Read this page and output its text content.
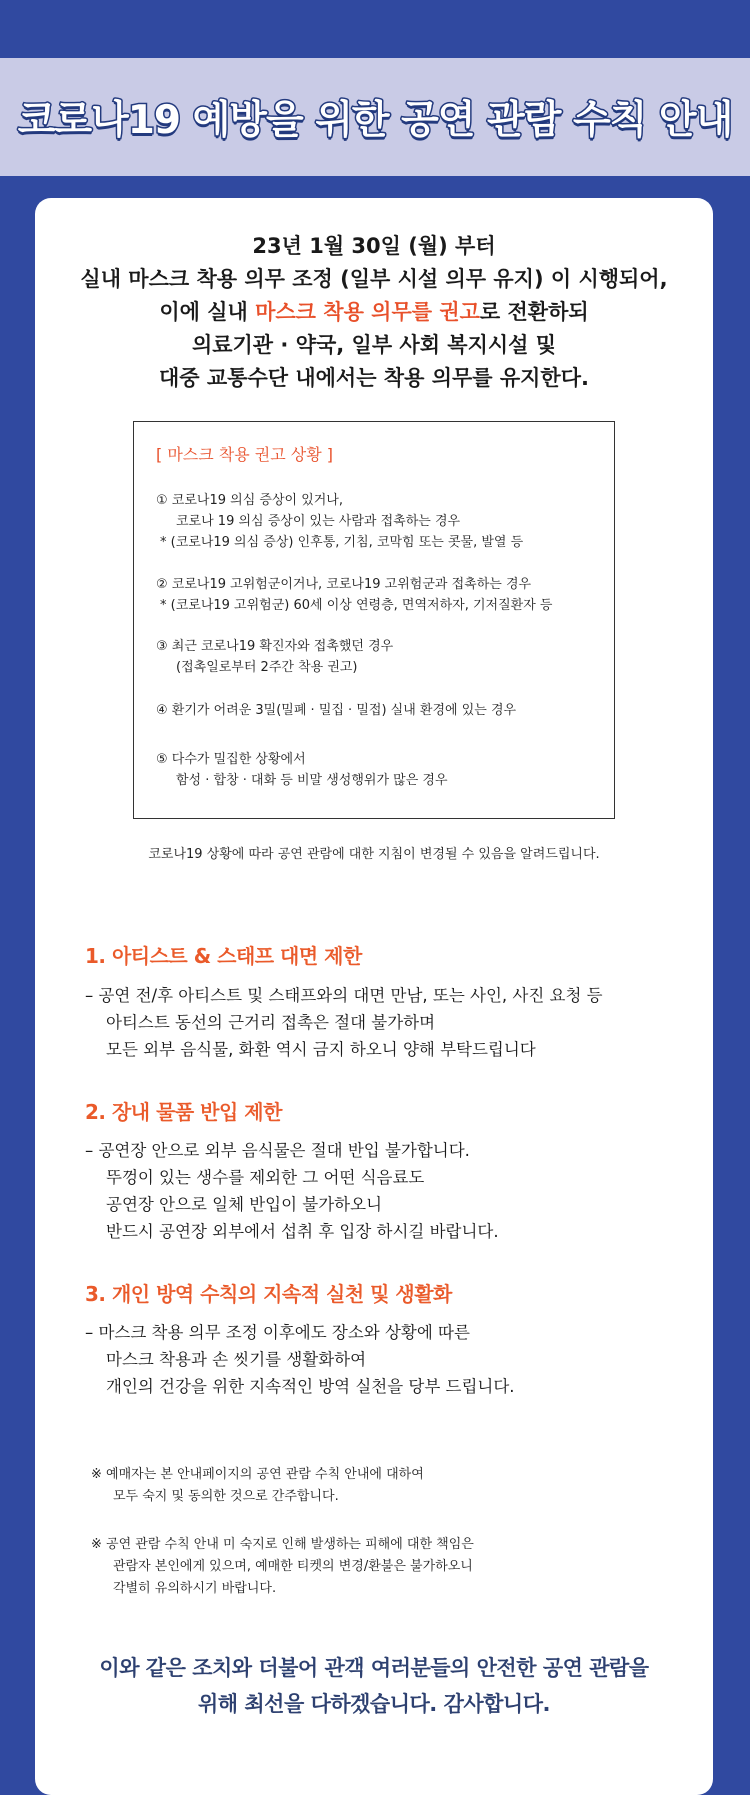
코로나19 예방을 위한 공연 관람 수칙 안내
23년 1월 30일 (월) 부터
실내 마스크 착용 의무 조정 (일부 시설 의무 유지) 이 시행되어,
이에 실내 마스크 착용 의무를 권고로 전환하되
의료기관 · 약국, 일부 사회 복지시설 및
대중 교통수단 내에서는 착용 의무를 유지한다.
[ 마스크 착용 권고 상황 ]
① 코로나19 의심 증상이 있거나,
코로나 19 의심 증상이 있는 사람과 접촉하는 경우
* (코로나19 의심 증상) 인후통, 기침, 코막힘 또는 콧물, 발열 등
② 코로나19 고위험군이거나, 코로나19 고위험군과 접촉하는 경우
* (코로나19 고위험군) 60세 이상 연령층, 면역저하자, 기저질환자 등
③ 최근 코로나19 확진자와 접촉했던 경우
(접촉일로부터 2주간 착용 권고)
④ 환기가 어려운 3밀(밀폐 · 밀집 · 밀접) 실내 환경에 있는 경우
⑤ 다수가 밀집한 상황에서
함성 · 합창 · 대화 등 비말 생성행위가 많은 경우
코로나19 상황에 따라 공연 관람에 대한 지침이 변경될 수 있음을 알려드립니다.
1. 아티스트 & 스태프 대면 제한
– 공연 전/후 아티스트 및 스태프와의 대면 만남, 또는 사인, 사진 요청 등
아티스트 동선의 근거리 접촉은 절대 불가하며
모든 외부 음식물, 화환 역시 금지 하오니 양해 부탁드립니다
2. 장내 물품 반입 제한
– 공연장 안으로 외부 음식물은 절대 반입 불가합니다.
뚜껑이 있는 생수를 제외한 그 어떤 식음료도
공연장 안으로 일체 반입이 불가하오니
반드시 공연장 외부에서 섭취 후 입장 하시길 바랍니다.
3. 개인 방역 수칙의 지속적 실천 및 생활화
– 마스크 착용 의무 조정 이후에도 장소와 상황에 따른
마스크 착용과 손 씻기를 생활화하여
개인의 건강을 위한 지속적인 방역 실천을 당부 드립니다.
※ 예매자는 본 안내페이지의 공연 관람 수칙 안내에 대하여
모두 숙지 및 동의한 것으로 간주합니다.
※ 공연 관람 수칙 안내 미 숙지로 인해 발생하는 피해에 대한 책임은
관람자 본인에게 있으며, 예매한 티켓의 변경/환불은 불가하오니
각별히 유의하시기 바랍니다.
이와 같은 조치와 더불어 관객 여러분들의 안전한 공연 관람을
위해 최선을 다하겠습니다. 감사합니다.
